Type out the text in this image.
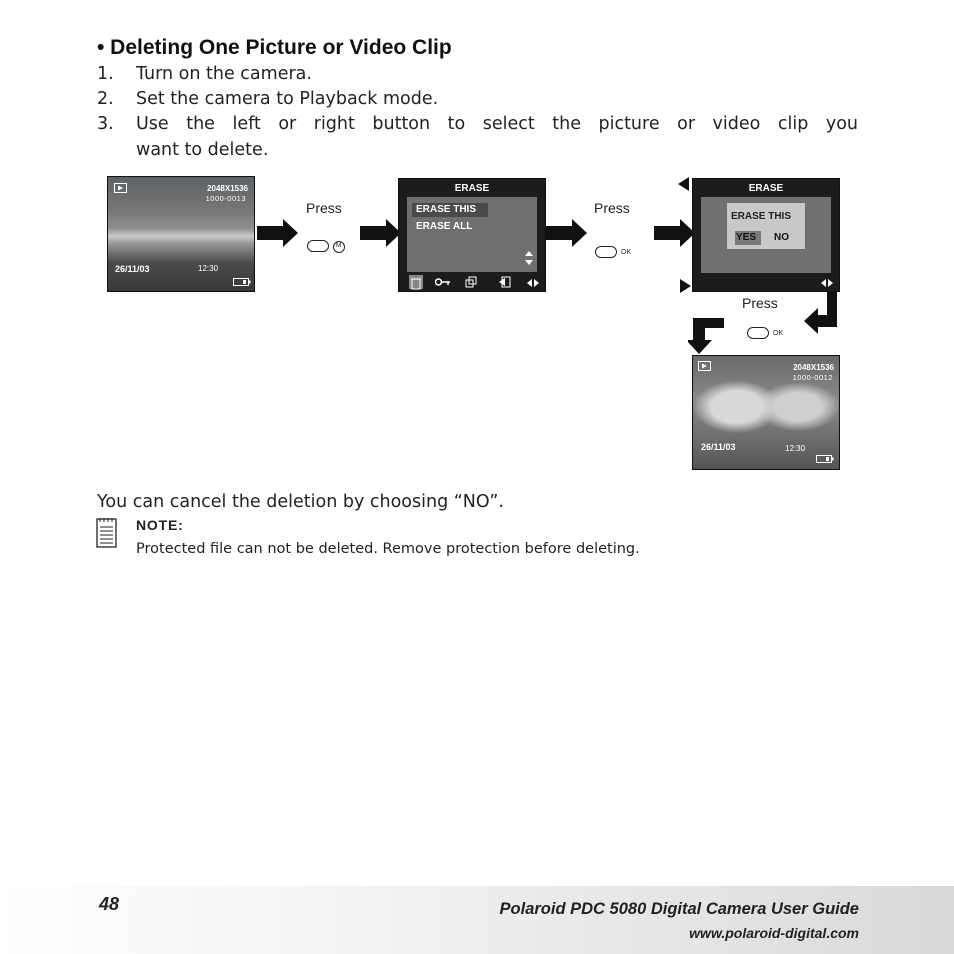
• Deleting One Picture or Video Clip
1. Turn on the camera.
2. Set the camera to Playback mode.
3. Use the left or right button to select the picture or video clip you
want to delete.
2048X1536
1000-0013
26/11/03	12:30
Press
M
ERASE
ERASE THIS
ERASE ALL
Press
OK
ERASE
ERASE THIS
YES NO
Press
OK
2048X1536
1000-0012
26/11/03	12:30
You can cancel the deletion by choosing “NO”.
NOTE:
Protected file can not be deleted. Remove protection before deleting.
48	Polaroid PDC 5080 Digital Camera User Guide
www.polaroid-digital.com
